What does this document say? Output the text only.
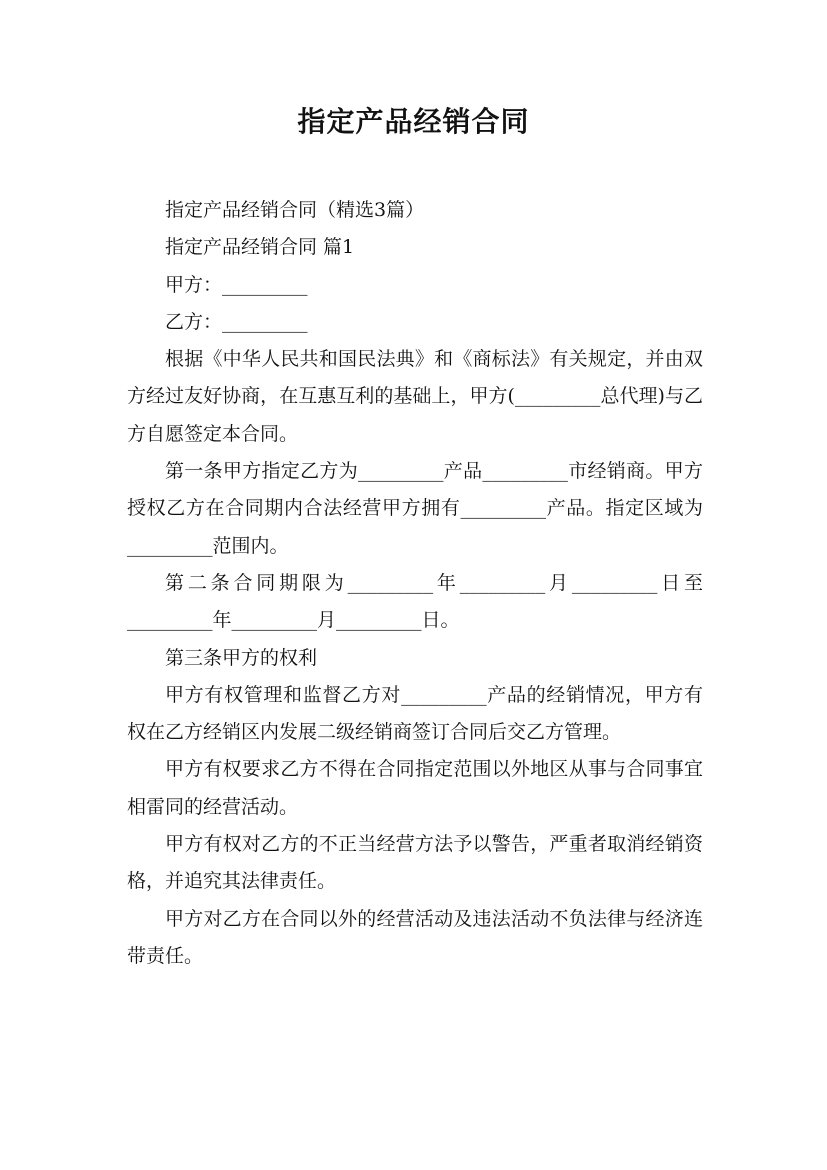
指定产品经销合同

指定产品经销合同（精选3篇）

指定产品经销合同 篇1

甲方：_________

乙方：_________

根据《中华人民共和国民法典》和《商标法》有关规定，并由双方经过友好协商，在互惠互利的基础上，甲方(_________总代理)与乙方自愿签定本合同。

第一条甲方指定乙方为_________产品_________市经销商。甲方授权乙方在合同期内合法经营甲方拥有_________产品。指定区域为_________范围内。

第二条合同期限为_________年_________月_________日至_________年_________月_________日。

第三条甲方的权利

甲方有权管理和监督乙方对_________产品的经销情况，甲方有权在乙方经销区内发展二级经销商签订合同后交乙方管理。

甲方有权要求乙方不得在合同指定范围以外地区从事与合同事宜相雷同的经营活动。

甲方有权对乙方的不正当经营方法予以警告，严重者取消经销资格，并追究其法律责任。

甲方对乙方在合同以外的经营活动及违法活动不负法律与经济连带责任。
